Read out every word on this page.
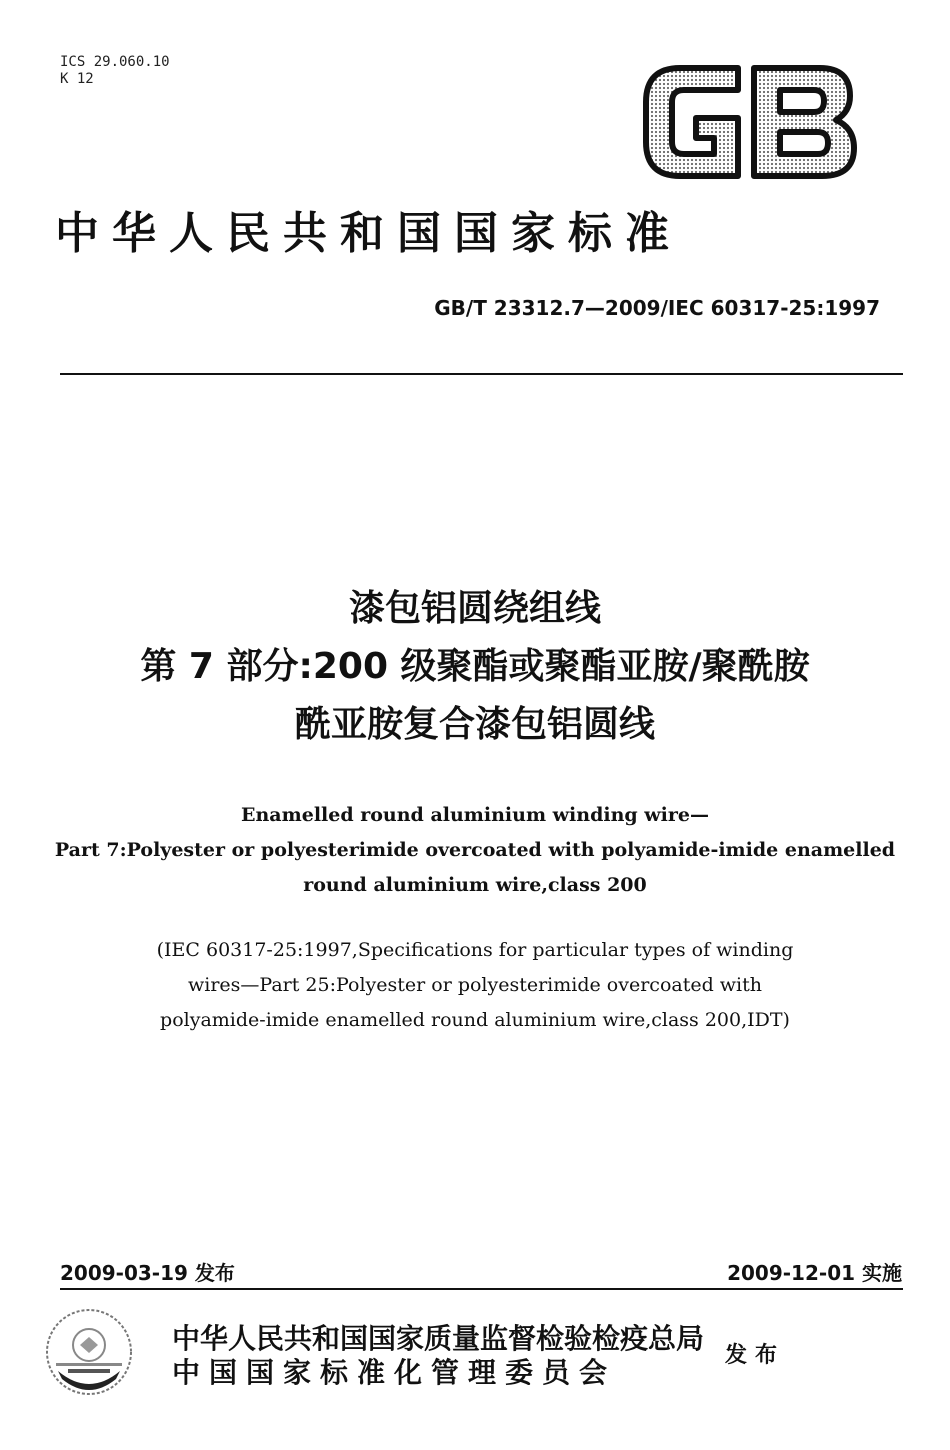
ICS 29.060.10
K 12
中华人民共和国国家标准
GB/T 23312.7—2009/IEC 60317-25:1997
漆包铝圆绕组线
第 7 部分:200 级聚酯或聚酯亚胺/聚酰胺
酰亚胺复合漆包铝圆线
Enamelled round aluminium winding wire—
Part 7:Polyester or polyesterimide overcoated with polyamide-imide enamelled
round aluminium wire,class 200
(IEC 60317-25:1997,Specifications for particular types of winding
wires—Part 25:Polyester or polyesterimide overcoated with
polyamide-imide enamelled round aluminium wire,class 200,IDT)
2009-03-19 发布	2009-12-01 实施
中华人民共和国国家质量监督检验检疫总局
中国国家标准化管理委员会
发布
